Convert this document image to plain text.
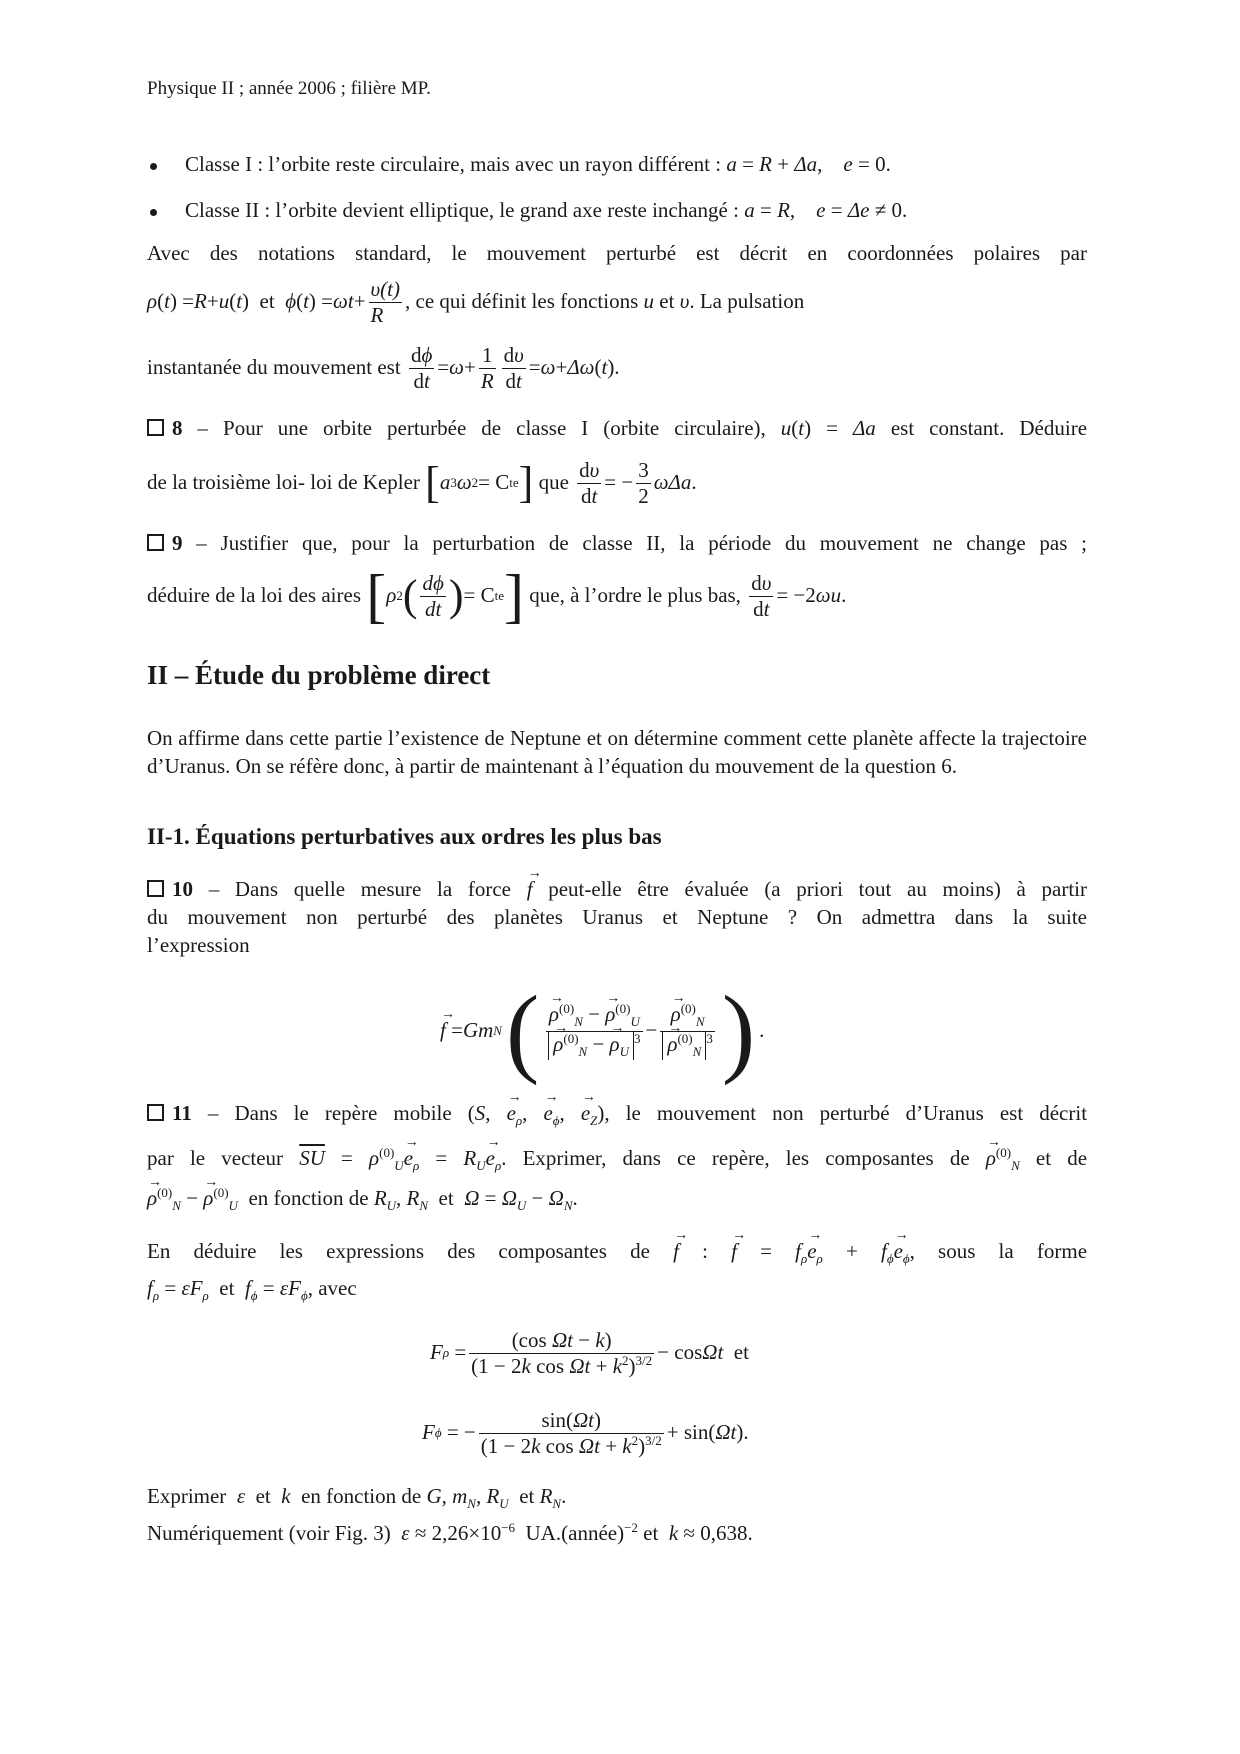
Physique II ; année 2006 ; filière MP.
Classe I : l’orbite reste circulaire, mais avec un rayon différent : a = R + Δa,    e = 0.
Classe II : l’orbite devient elliptique, le grand axe reste inchangé : a = R,    e = Δe ≠ 0.
Avec des notations standard, le mouvement perturbé est décrit en coordonnées polaires par
ρ ( t ) = R + u ( t ) et
ϕ ( t ) = $\omega t + \frac{\upsilon(t)}{R}$ , ce qui définit les fonctions
u
et
υ . La pulsation
instantanée du mouvement est
$\frac{d\phi}{dt} = \omega + \frac{1}{R} \frac{d\upsilon}{dt} = \omega + \Delta\omega$ ( t ).
8 – Pour une orbite perturbée de classe I (orbite circulaire), u(t) = Δa est constant. Déduire
de la troisième loi- loi de Kepler
[ a 3 ω 2 = C te ]
que
$\frac{d\upsilon}{dt}$ = − $\frac{3}{2}$ ωΔa .
9 – Justifier que, pour la perturbation de classe II, la période du mouvement ne change pas ;
déduire de la loi des aires
[ ρ 2 ( $\frac{d\phi}{dt}$ ) = C te ]
que, à l’ordre le plus bas,
$\frac{d\upsilon}{dt} = -2$ ωu .
II – Étude du problème direct
On affirme dans cette partie l’existence de Neptune et on détermine comment cette planète affecte la trajectoire d’Uranus. On se réfère donc, à partir de maintenant à l’équation du mouvement de la question 6.
II-1. Équations perturbatives aux ordres les plus bas
10 – Dans quelle mesure la force → f peut-elle être évaluée (a priori tout au moins) à partir
du mouvement non perturbé des planètes Uranus et Neptune ? On admettra dans la suite
l’expression
→ f = Gm N ( → $\rho^{(0)}_N$ − → $\rho^{(0)}_U$
→ $\rho^{(0)}_N$ − → $\rho_U^3$ − → $\rho^{(0)}_N$
→ $\rho^{(0)}_N^3$ ) .
11 – Dans le repère mobile (S, → $e_\rho$, → $e_\phi$, → $e_Z$), le mouvement non perturbé d’Uranus est décrit
par le vecteur $\overline{SU} = \rho^{(0)}_U\to e_\rho = R_U\to e_\rho$. Exprimer, dans ce repère, les composantes de → $\rho^{(0)}_N$ et de
→ $\rho^{(0)}_N$ − → $\rho^{(0)}_U$ en fonction de $R_U$, $R_N$ et $\Omega = \Omega_U - \Omega_N$.
En déduire les expressions des composantes de → f : → $f = f_\rho\to e_\rho + f_\phi\to e_\phi$, sous la forme
$f_\rho = \varepsilon F_\rho$ et $f_\phi = \varepsilon F_\phi$, avec
F $\rho = \frac{\text{(cos Ωt − k)}}{(1 - 2k \cos \Omega t + k^2)^{3/2}} - \cos \Omega t$
et
F ϕ = − $\frac{\sin(\Omega t)}{(1 - 2k \cos \Omega t + k^2)^{3/2}} + \sin$( Ωt ).
Exprimer ε et k en fonction de G, $m_N$, $R_U$  et $R_N$.
Numériquement (voir Fig. 3) $\varepsilon \approx 2,26\times 10^{-6}$ UA.(année)$^{-2}$ et k ≈ 0,638.
